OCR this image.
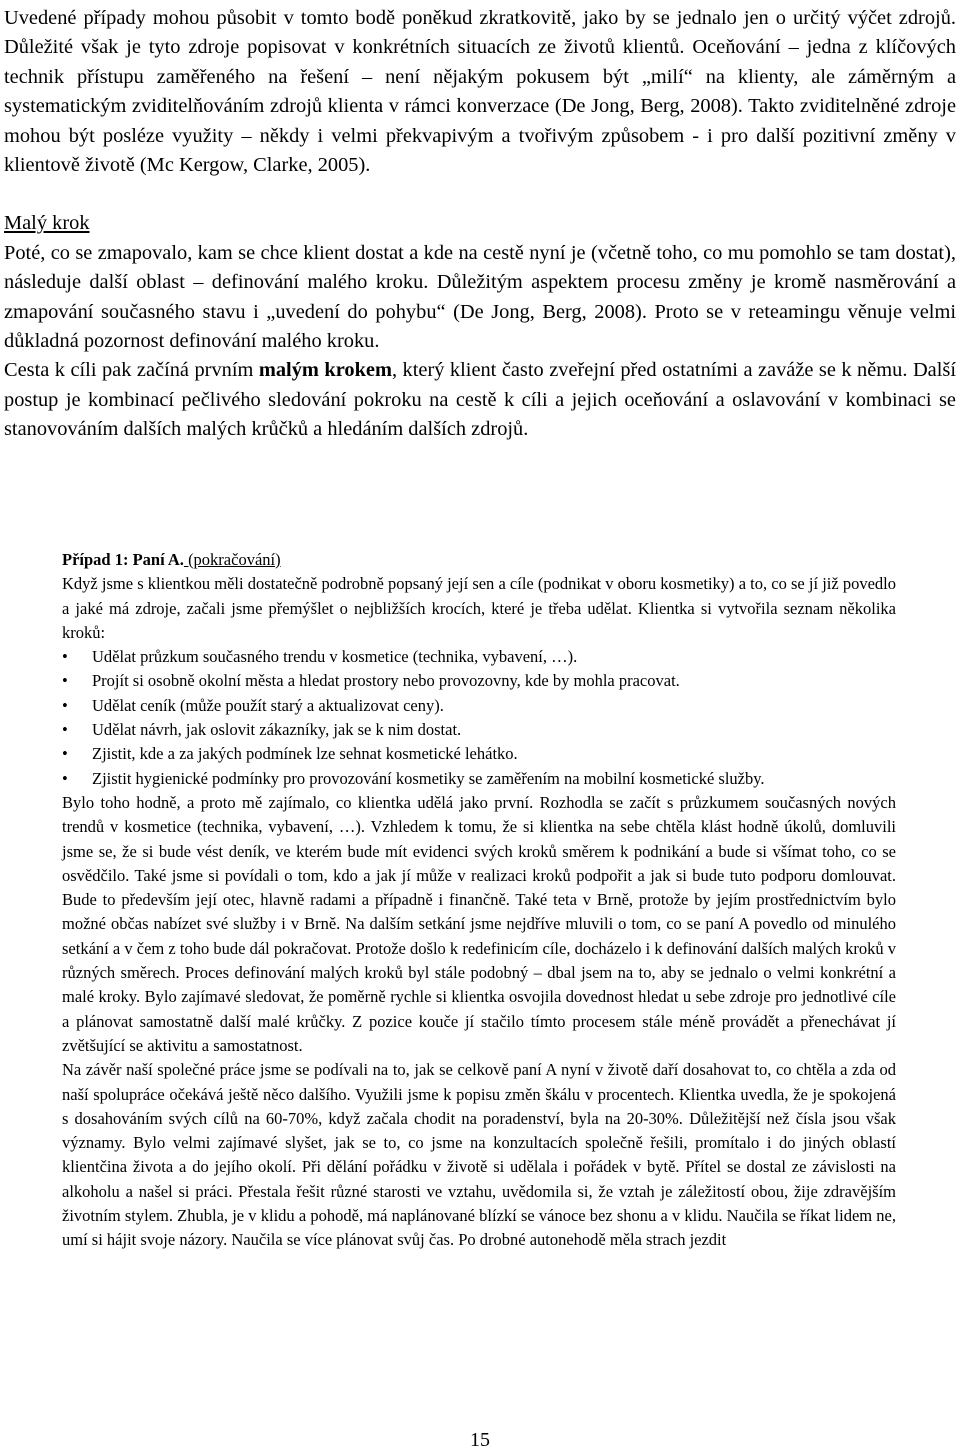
Uvedené případy mohou působit v tomto bodě poněkud zkratkovitě, jako by se jednalo jen o určitý výčet zdrojů. Důležité však je tyto zdroje popisovat v konkrétních situacích ze životů klientů. Oceňování – jedna z klíčových technik přístupu zaměřeného na řešení – není nějakým pokusem být „milí“ na klienty, ale záměrným a systematickým zviditelňováním zdrojů klienta v rámci konverzace (De Jong, Berg, 2008). Takto zviditelněné zdroje mohou být posléze využity – někdy i velmi překvapivým a tvořivým způsobem - i pro další pozitivní změny v klientově životě (Mc Kergow, Clarke, 2005).

Malý krok

Poté, co se zmapovalo, kam se chce klient dostat a kde na cestě nyní je (včetně toho, co mu pomohlo se tam dostat), následuje další oblast – definování malého kroku. Důležitým aspektem procesu změny je kromě nasměrování a zmapování současného stavu i „uvedení do pohybu“ (De Jong, Berg, 2008). Proto se v reteamingu věnuje velmi důkladná pozornost definování malého kroku.

Cesta k cíli pak začíná prvním malým krokem, který klient často zveřejní před ostatními a zaváže se k němu. Další postup je kombinací pečlivého sledování pokroku na cestě k cíli a jejich oceňování a oslavování v kombinaci se stanovováním dalších malých krůčků a hledáním dalších zdrojů.

Případ 1: Paní A. (pokračování)

Když jsme s klientkou měli dostatečně podrobně popsaný její sen a cíle (podnikat v oboru kosmetiky) a to, co se jí již povedlo a jaké má zdroje, začali jsme přemýšlet o nejbližších krocích, které je třeba udělat. Klientka si vytvořila seznam několika kroků:

• Udělat průzkum současného trendu v kosmetice (technika, vybavení, …).
• Projít si osobně okolní města a hledat prostory nebo provozovny, kde by mohla pracovat.
• Udělat ceník (může použít starý a aktualizovat ceny).
• Udělat návrh, jak oslovit zákazníky, jak se k nim dostat.
• Zjistit, kde a za jakých podmínek lze sehnat kosmetické lehátko.
• Zjistit hygienické podmínky pro provozování kosmetiky se zaměřením na mobilní kosmetické služby.

Bylo toho hodně, a proto mě zajímalo, co klientka udělá jako první. Rozhodla se začít s průzkumem současných nových trendů v kosmetice (technika, vybavení, …). Vzhledem k tomu, že si klientka na sebe chtěla klást hodně úkolů, domluvili jsme se, že si bude vést deník, ve kterém bude mít evidenci svých kroků směrem k podnikání a bude si všímat toho, co se osvědčilo. Také jsme si povídali o tom, kdo a jak jí může v realizaci kroků podpořit a jak si bude tuto podporu domlouvat. Bude to především její otec, hlavně radami a případně i finančně. Také teta v Brně, protože by jejím prostřednictvím bylo možné občas nabízet své služby i v Brně. Na dalším setkání jsme nejdříve mluvili o tom, co se paní A povedlo od minulého setkání a v čem z toho bude dál pokračovat. Protože došlo k redefinicím cíle, docházelo i k definování dalších malých kroků v různých směrech. Proces definování malých kroků byl stále podobný – dbal jsem na to, aby se jednalo o velmi konkrétní a malé kroky. Bylo zajímavé sledovat, že poměrně rychle si klientka osvojila dovednost hledat u sebe zdroje pro jednotlivé cíle a plánovat samostatně další malé krůčky. Z pozice kouče jí stačilo tímto procesem stále méně provádět a přenechávat jí zvětšující se aktivitu a samostatnost.

Na závěr naší společné práce jsme se podívali na to, jak se celkově paní A nyní v životě daří dosahovat to, co chtěla a zda od naší spolupráce očekává ještě něco dalšího. Využili jsme k popisu změn škálu v procentech. Klientka uvedla, že je spokojená s dosahováním svých cílů na 60-70%, když začala chodit na poradenství, byla na 20-30%. Důležitější než čísla jsou však významy. Bylo velmi zajímavé slyšet, jak se to, co jsme na konzultacích společně řešili, promítalo i do jiných oblastí klientčina života a do jejího okolí. Při dělání pořádku v životě si udělala i pořádek v bytě. Přítel se dostal ze závislosti na alkoholu a našel si práci. Přestala řešit různé starosti ve vztahu, uvědomila si, že vztah je záležitostí obou, žije zdravějším životním stylem. Zhubla, je v klidu a pohodě, má naplánované blízkí se vánoce bez shonu a v klidu. Naučila se říkat lidem ne, umí si hájit svoje názory. Naučila se více plánovat svůj čas. Po drobné autonehodě měla strach jezdit

15
